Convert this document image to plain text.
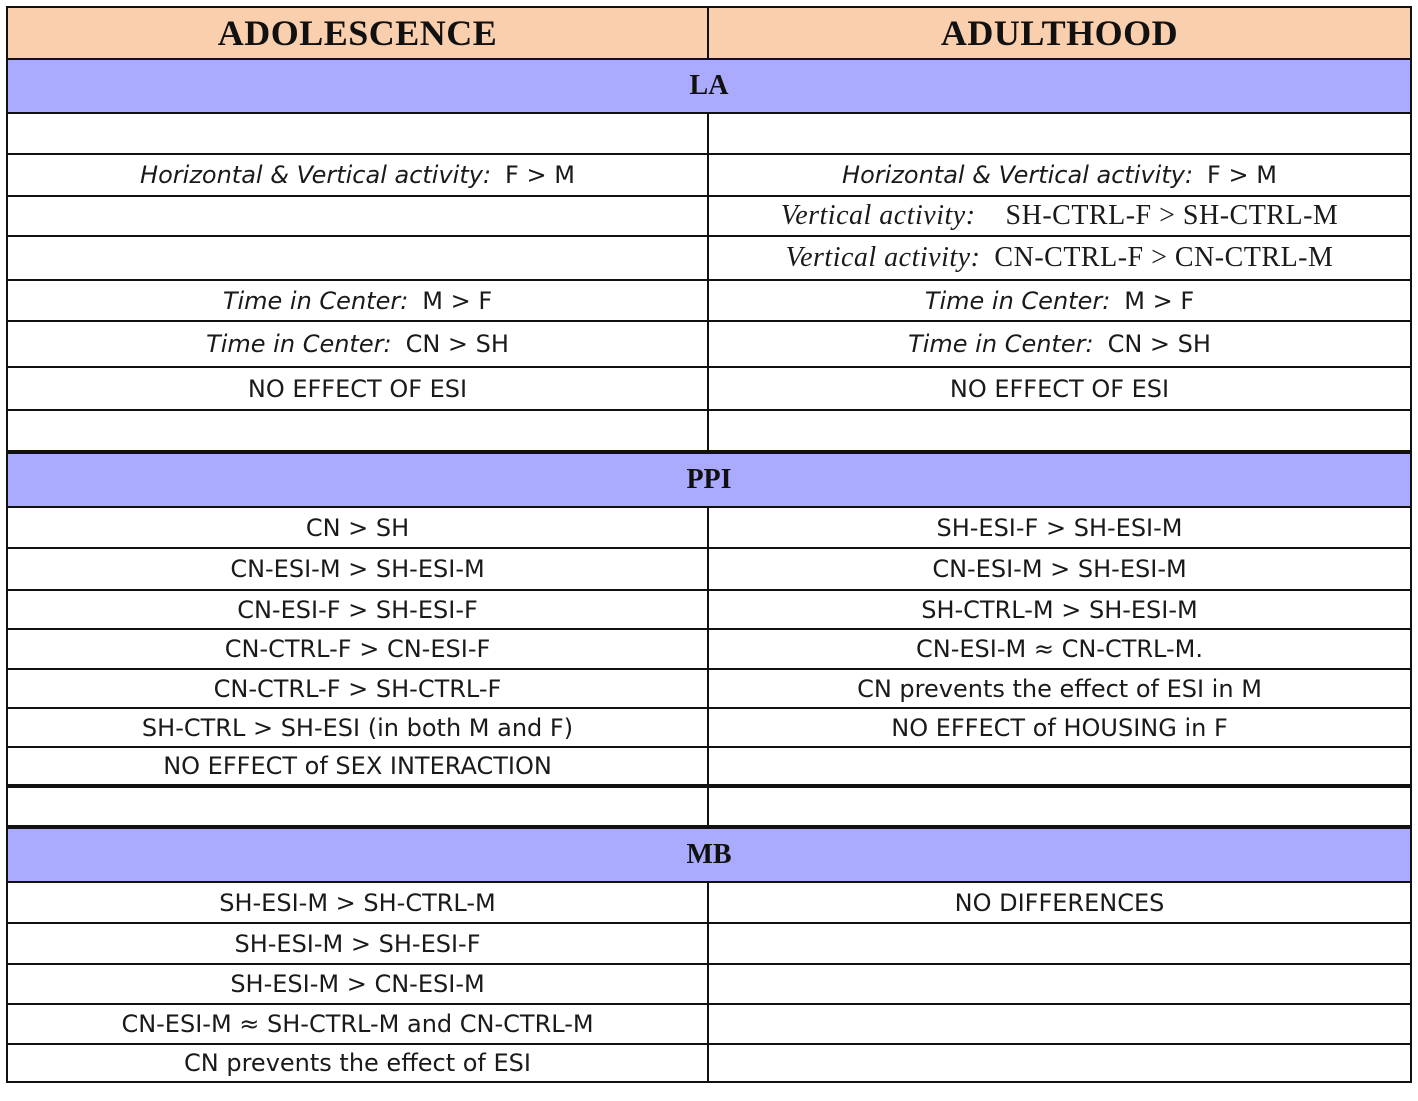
ADOLESCENCE	ADULTHOOD
LA	

Horizontal & Vertical activity: F > M	Horizontal & Vertical activity: F > M
	Vertical activity: SH-CTRL-F > SH-CTRL-M
	Vertical activity: CN-CTRL-F > CN-CTRL-M
Time in Center: M > F	Time in Center: M > F
Time in Center: CN > SH	Time in Center: CN > SH
NO EFFECT OF ESI	NO EFFECT OF ESI

PPI	
CN > SH	SH-ESI-F > SH-ESI-M
CN-ESI-M > SH-ESI-M	CN-ESI-M > SH-ESI-M
CN-ESI-F > SH-ESI-F	SH-CTRL-M > SH-ESI-M
CN-CTRL-F > CN-ESI-F	CN-ESI-M ≈ CN-CTRL-M.
CN-CTRL-F > SH-CTRL-F	CN prevents the effect of ESI in M
SH-CTRL > SH-ESI (in both M and F)	NO EFFECT of HOUSING in F
NO EFFECT of SEX INTERACTION	

MB	
SH-ESI-M > SH-CTRL-M	NO DIFFERENCES
SH-ESI-M > SH-ESI-F	
SH-ESI-M > CN-ESI-M	
CN-ESI-M ≈ SH-CTRL-M and CN-CTRL-M	
CN prevents the effect of ESI	
